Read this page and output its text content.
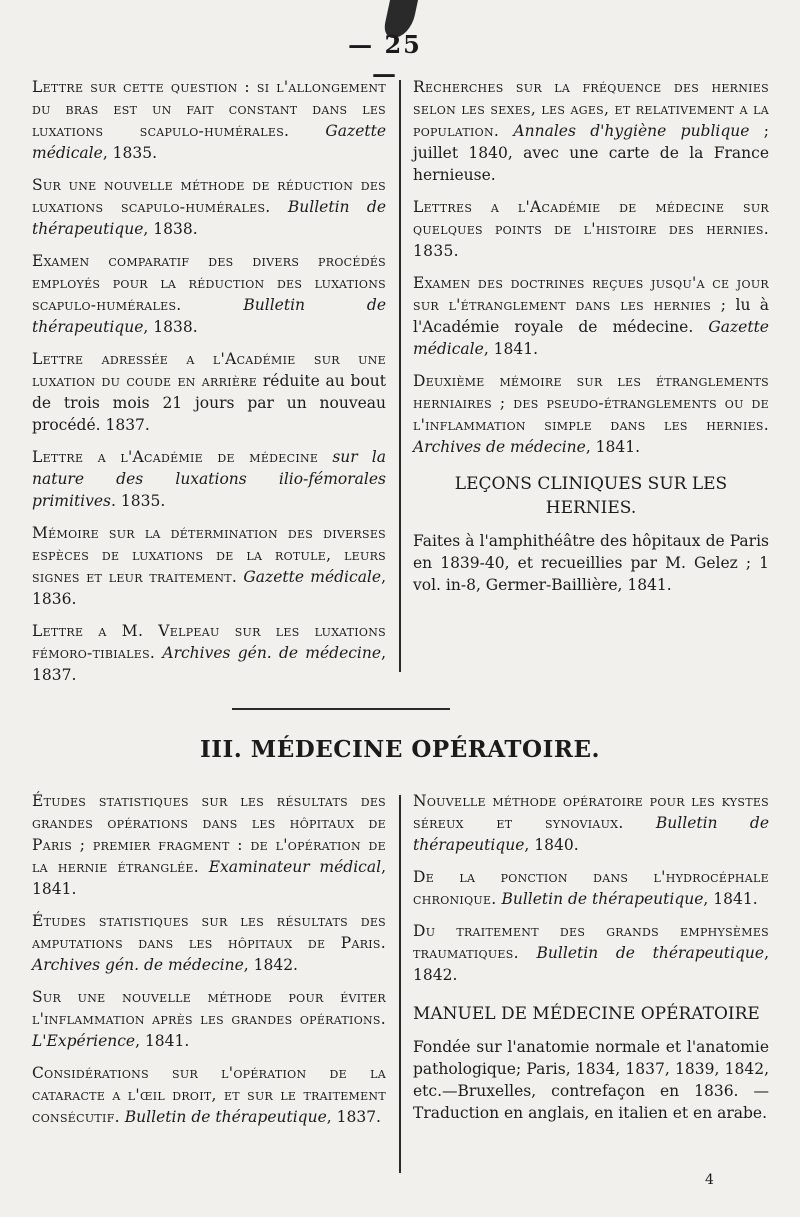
— 25 —

Lettre sur cette question : si l'allongement du bras est un fait constant dans les luxations scapulo-humérales. Gazette médicale, 1835.

Sur une nouvelle méthode de réduction des luxations scapulo-humérales. Bulletin de thérapeutique, 1838.

Examen comparatif des divers procédés employés pour la réduction des luxations scapulo-humérales.	Bulletin de thérapeutique, 1838.

Lettre adressée a l'Académie sur une luxation du coude en arrière réduite au bout de trois mois 21 jours par un nouveau procédé. 1837.

Lettre a l'Académie de médecine sur la nature des luxations ilio-fémorales primitives. 1835.

Mémoire sur la détermination des diverses espèces de luxations de la rotule, leurs signes et leur traitement. Gazette médicale, 1836.

Lettre a M. Velpeau sur les luxations fémoro-tibiales. Archives gén. de médecine, 1837.

Recherches sur la fréquence des hernies selon les sexes, les ages, et relativement a la population. Annales d'hygiène publique ; juillet 1840, avec une carte de la France hernieuse.

Lettres a l'Académie de médecine sur quelques points de l'histoire des hernies. 1835.

Examen des doctrines reçues jusqu'a ce jour sur l'étranglement dans les hernies ; lu à l'Académie royale de médecine. Gazette médicale, 1841.

Deuxième mémoire sur les étranglements herniaires ; des pseudo-étranglements ou de l'inflammation simple dans les hernies. Archives de médecine, 1841.

LEÇONS CLINIQUES SUR LES HERNIES.

Faites à l'amphithéâtre des hôpitaux de Paris en 1839-40, et recueillies par M. Gelez ; 1 vol. in-8, Germer-Baillière, 1841.

III. MÉDECINE OPÉRATOIRE.

Études statistiques sur les résultats des grandes opérations dans les hôpitaux de Paris ; premier fragment : de l'opération de la hernie étranglée. Examinateur médical, 1841.

Études statistiques sur les résultats des amputations dans les hôpitaux de Paris. Archives gén. de médecine, 1842.

Sur une nouvelle méthode pour éviter l'inflammation après les grandes opérations. L'Expérience, 1841.

Considérations sur l'opération de la cataracte a l'œil droit, et sur le traitement consécutif. Bulletin de thérapeutique, 1837.

Nouvelle méthode opératoire pour les kystes séreux et synoviaux. Bulletin de thérapeutique, 1840.

De la ponction dans l'hydrocéphale chronique. Bulletin de thérapeutique, 1841.

Du traitement des grands emphysèmes traumatiques. Bulletin de thérapeutique, 1842.

MANUEL DE MÉDECINE OPÉRATOIRE

Fondée sur l'anatomie normale et l'anatomie pathologique; Paris, 1834, 1837, 1839, 1842, etc.—Bruxelles, contrefaçon en 1836. — Traduction en anglais, en italien et en arabe.

4
